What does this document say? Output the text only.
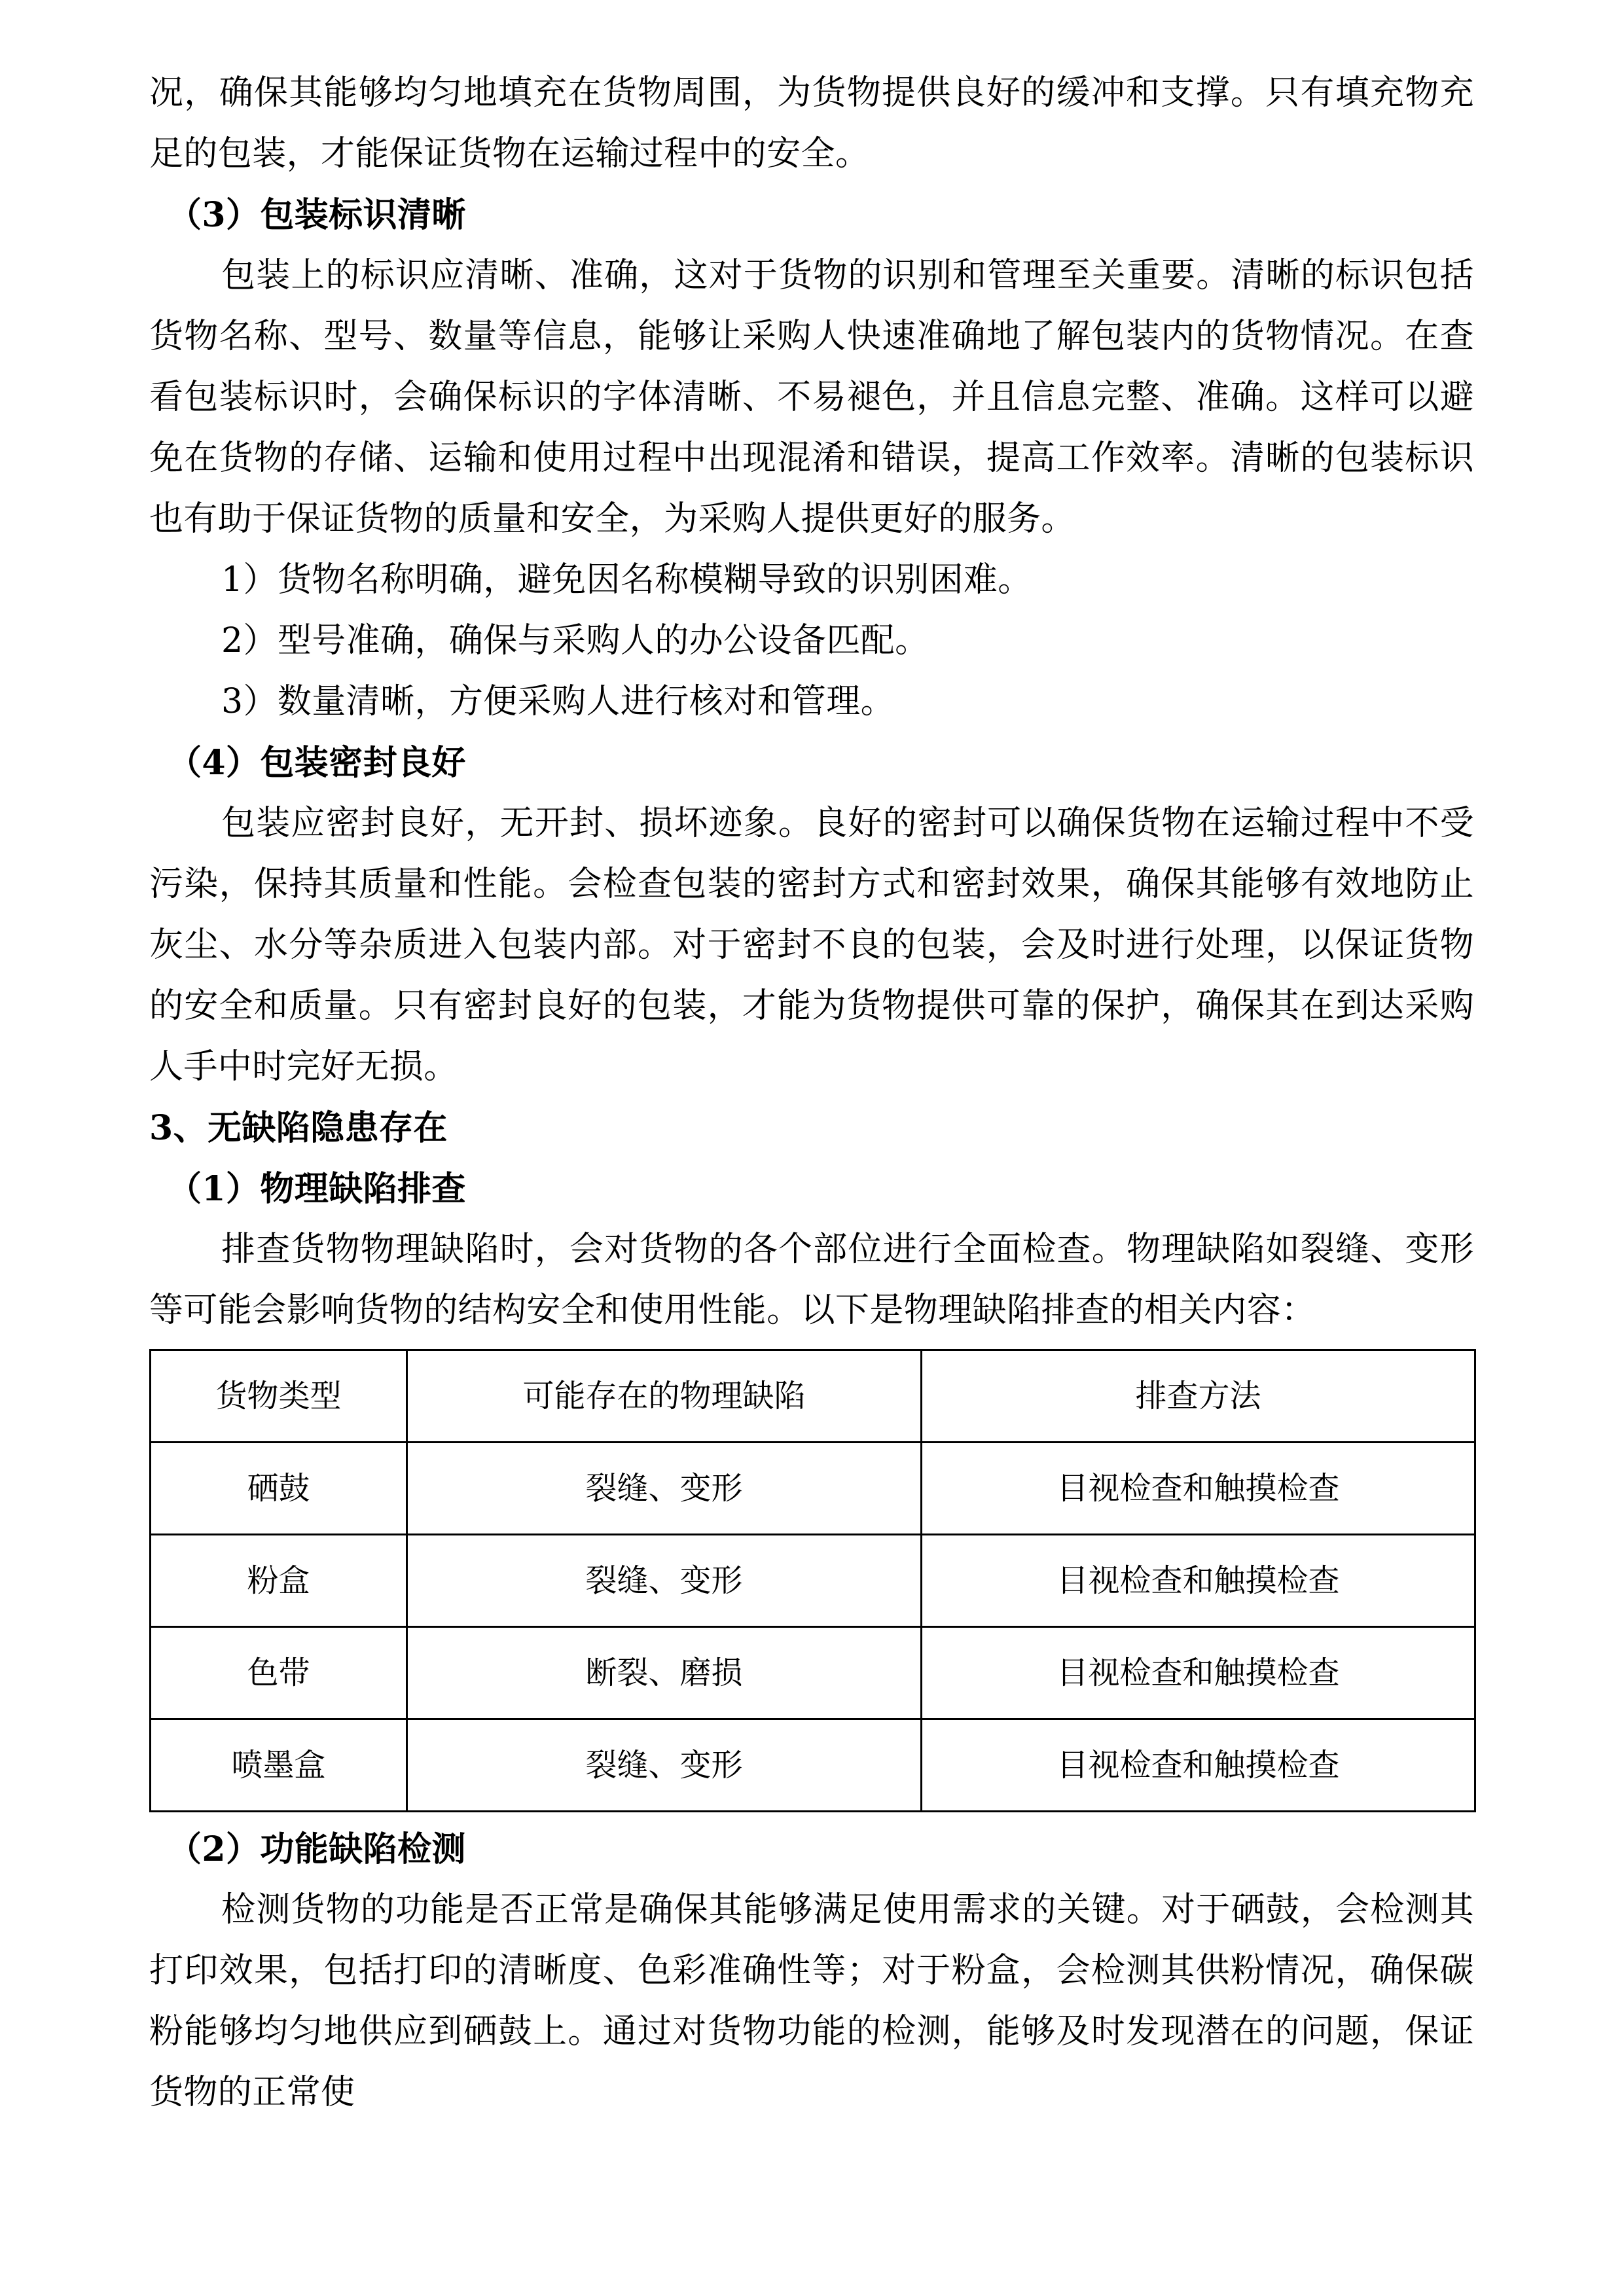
况，确保其能够均匀地填充在货物周围，为货物提供良好的缓冲和支撑。只有填充物充足的包装，才能保证货物在运输过程中的安全。

（3）包装标识清晰

包装上的标识应清晰、准确，这对于货物的识别和管理至关重要。清晰的标识包括货物名称、型号、数量等信息，能够让采购人快速准确地了解包装内的货物情况。在查看包装标识时，会确保标识的字体清晰、不易褪色，并且信息完整、准确。这样可以避免在货物的存储、运输和使用过程中出现混淆和错误，提高工作效率。清晰的包装标识也有助于保证货物的质量和安全，为采购人提供更好的服务。

1）货物名称明确，避免因名称模糊导致的识别困难。

2）型号准确，确保与采购人的办公设备匹配。

3）数量清晰，方便采购人进行核对和管理。

（4）包装密封良好

包装应密封良好，无开封、损坏迹象。良好的密封可以确保货物在运输过程中不受污染，保持其质量和性能。会检查包装的密封方式和密封效果，确保其能够有效地防止灰尘、水分等杂质进入包装内部。对于密封不良的包装，会及时进行处理，以保证货物的安全和质量。只有密封良好的包装，才能为货物提供可靠的保护，确保其在到达采购人手中时完好无损。

3、无缺陷隐患存在

（1）物理缺陷排查

排查货物物理缺陷时，会对货物的各个部位进行全面检查。物理缺陷如裂缝、变形等可能会影响货物的结构安全和使用性能。以下是物理缺陷排查的相关内容：

货物类型	可能存在的物理缺陷	排查方法
硒鼓	裂缝、变形	目视检查和触摸检查
粉盒	裂缝、变形	目视检查和触摸检查
色带	断裂、磨损	目视检查和触摸检查
喷墨盒	裂缝、变形	目视检查和触摸检查

（2）功能缺陷检测

检测货物的功能是否正常是确保其能够满足使用需求的关键。对于硒鼓，会检测其打印效果，包括打印的清晰度、色彩准确性等；对于粉盒，会检测其供粉情况，确保碳粉能够均匀地供应到硒鼓上。通过对货物功能的检测，能够及时发现潜在的问题，保证货物的正常使
